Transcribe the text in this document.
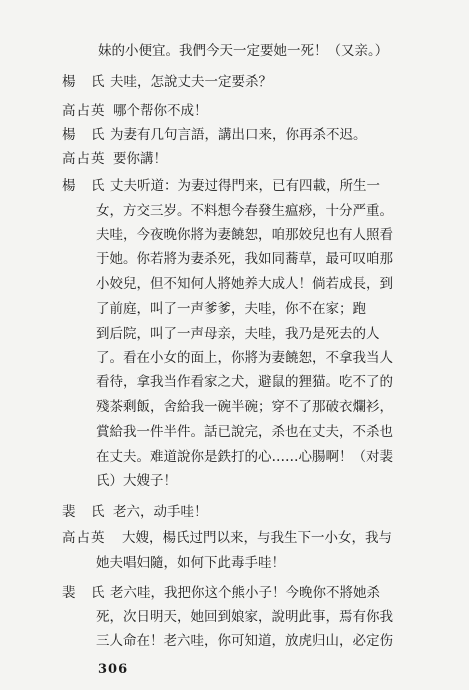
妹的小便宜。我們今天一定要她一死！（又亲。）
楊　氏 夫哇，怎說丈夫一定要杀？
高占英 哪个帮你不成！
楊　氏 为妻有几句言語，講出口来，你再杀不迟。
高占英 要你講！
楊　氏 丈夫听道：为妻过得門来，已有四載，所生一
女，方交三岁。不料想今春發生瘟痧，十分严重。
夫哇，今夜晚你將为妻饒恕，咱那姣兒也有人照看
于她。你若將为妻杀死，我如同蕎草，最可叹咱那
小姣兒，但不知何人將她养大成人！倘若成長，到
了前庭，叫了一声爹爹，夫哇，你不在家；跑
到后院，叫了一声母亲，夫哇，我乃是死去的人
了。看在小女的面上，你將为妻饒恕，不拿我当人
看待，拿我当作看家之犬，避鼠的狸猫。吃不了的
殘茶剩飯，舍給我一碗半碗；穿不了那破衣爛衫，
賞給我一件半件。話已說完，杀也在丈夫，不杀也
在丈夫。难道說你是鉄打的心……心腸啊！（对裴
氏）大嫂子！
裴　氏 老六，动手哇！
高占英 大嫂，楊氏过門以来，与我生下一小女，我与
她夫唱妇隨，如何下此毒手哇！
裴　氏 老六哇，我把你这个熊小子！今晚你不將她杀
死，次日明天，她回到娘家，說明此事，焉有你我
三人命在！老六哇，你可知道，放虎归山，必定伤
306
